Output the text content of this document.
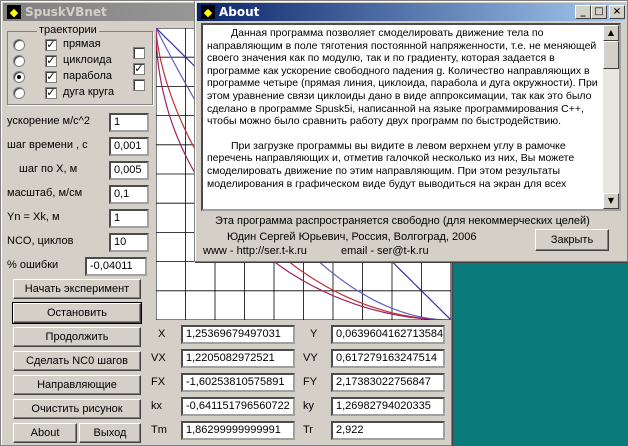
◆ SpuskVBnet
траектории
Начать эксперимент
Остановить
Продолжить
Сделать NC0 шагов
Направляющие
Очистить рисунок
About	Выход
X	1,25369679497031	Y	0,0639604162713584
VX	1,2205082972521	VY	0,617279163247514
FX	-1,60253810575891	FY	2,17383022756847
kx	-0,641151796560722	ky	1,26982794020335
Tm	1,86299999999991	Tr	2,922
✓ прямая
✓ циклоида
✓
✓ парабола
✓ дуга круга
ускорение м/с^2	1
шаг времени , с	0,001
шаг по X, м	0,005
масштаб, м/см	0,1
Yn = Xk, м	1
NCO, циклов	10
% ошибки	-0,04011
◆ About	_ □ ×

Данная программа позволяет смоделировать движение тела по направляющим в поле тяготения постоянной напряженности, т.е. не меняющей своего значения как по модулю, так и по градиенту, которая задается в программе как ускорение свободного падения g. Количество направляющих в программе четыре (прямая линия, циклоида, парабола и дуга окружности). При этом уравнение связи циклоиды дано в виде аппроксимации, так как это было сделано в программе Spusk5i, написанной на языке программирования С++, чтобы можно было сравнить работу двух программ по быстродействию.

При загрузке программы вы видите в левом верхнем углу в рамочке перечень направляющих и, отметив галочкой несколько из них, Вы можете смоделировать движение по этим направляющим. При этом результаты моделирования в графическом виде будут выводиться на экран для всех

▲
▼
Эта программа распространяется свободно (для некоммерческих целей)
Юдин Сергей Юрьевич, Россия, Волгоград, 2006
www - http://ser.t-k.ru	email - ser@t-k.ru
Закрыть
